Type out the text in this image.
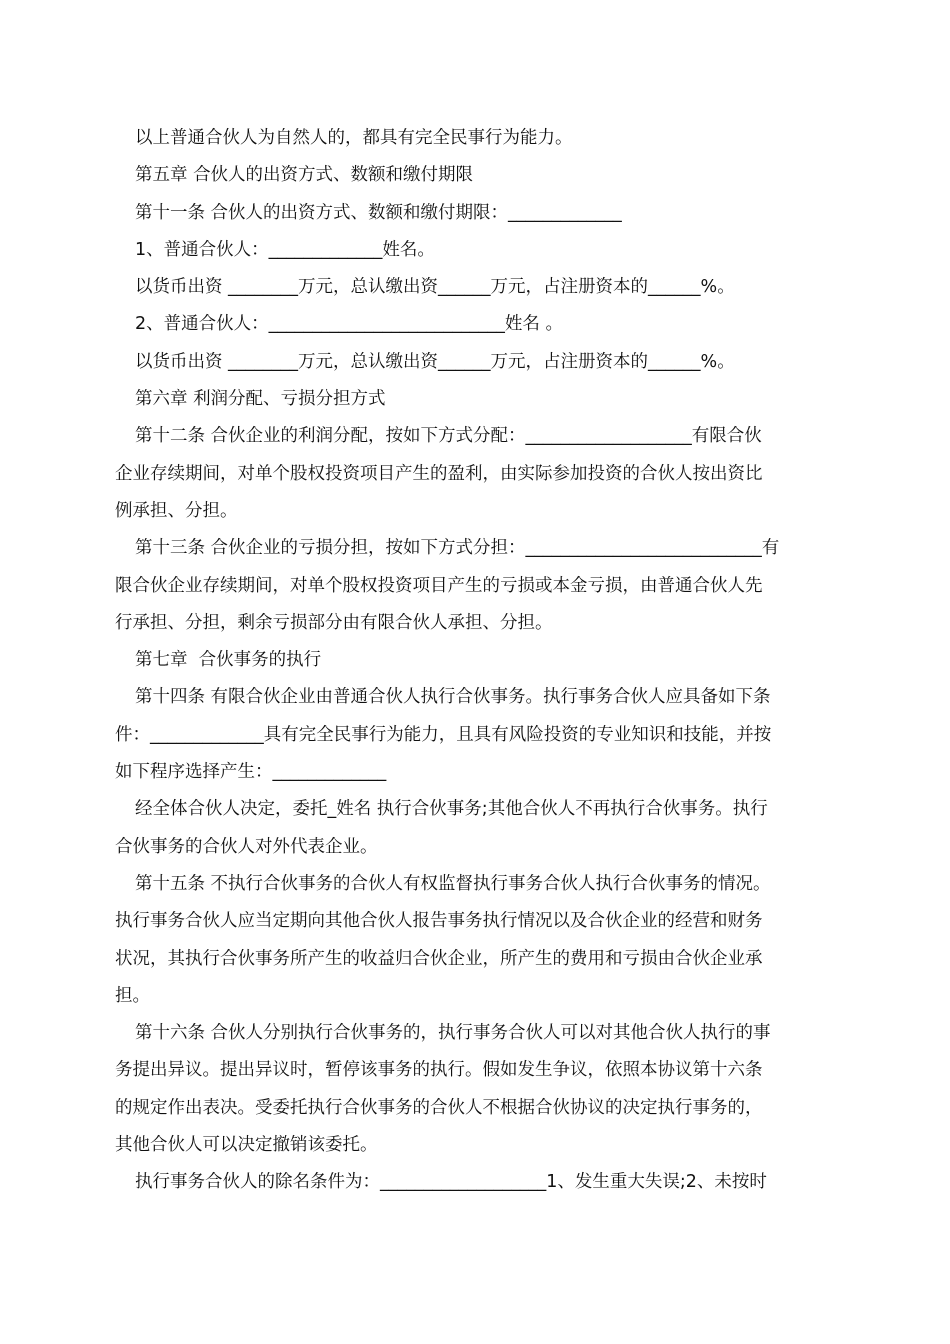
以上普通合伙人为自然人的，都具有完全民事行为能力。
第五章 合伙人的出资方式、数额和缴付期限
第十一条 合伙人的出资方式、数额和缴付期限：_____________
1、普通合伙人：_____________姓名。
以货币出资 ________万元，总认缴出资______万元，占注册资本的______%。
2、普通合伙人：___________________________姓名 。
以货币出资 ________万元，总认缴出资______万元，占注册资本的______%。
第六章 利润分配、亏损分担方式
第十二条 合伙企业的利润分配，按如下方式分配：___________________有限合伙
企业存续期间，对单个股权投资项目产生的盈利，由实际参加投资的合伙人按出资比
例承担、分担。
第十三条 合伙企业的亏损分担，按如下方式分担：___________________________有
限合伙企业存续期间，对单个股权投资项目产生的亏损或本金亏损，由普通合伙人先
行承担、分担，剩余亏损部分由有限合伙人承担、分担。
第七章  合伙事务的执行
第十四条 有限合伙企业由普通合伙人执行合伙事务。执行事务合伙人应具备如下条
件：_____________具有完全民事行为能力，且具有风险投资的专业知识和技能，并按
如下程序选择产生：_____________
经全体合伙人决定，委托_姓名 执行合伙事务;其他合伙人不再执行合伙事务。执行
合伙事务的合伙人对外代表企业。
第十五条 不执行合伙事务的合伙人有权监督执行事务合伙人执行合伙事务的情况。
执行事务合伙人应当定期向其他合伙人报告事务执行情况以及合伙企业的经营和财务
状况，其执行合伙事务所产生的收益归合伙企业，所产生的费用和亏损由合伙企业承
担。
第十六条 合伙人分别执行合伙事务的，执行事务合伙人可以对其他合伙人执行的事
务提出异议。提出异议时，暂停该事务的执行。假如发生争议，依照本协议第十六条
的规定作出表决。受委托执行合伙事务的合伙人不根据合伙协议的决定执行事务的，
其他合伙人可以决定撤销该委托。
执行事务合伙人的除名条件为：___________________1、发生重大失误;2、未按时
